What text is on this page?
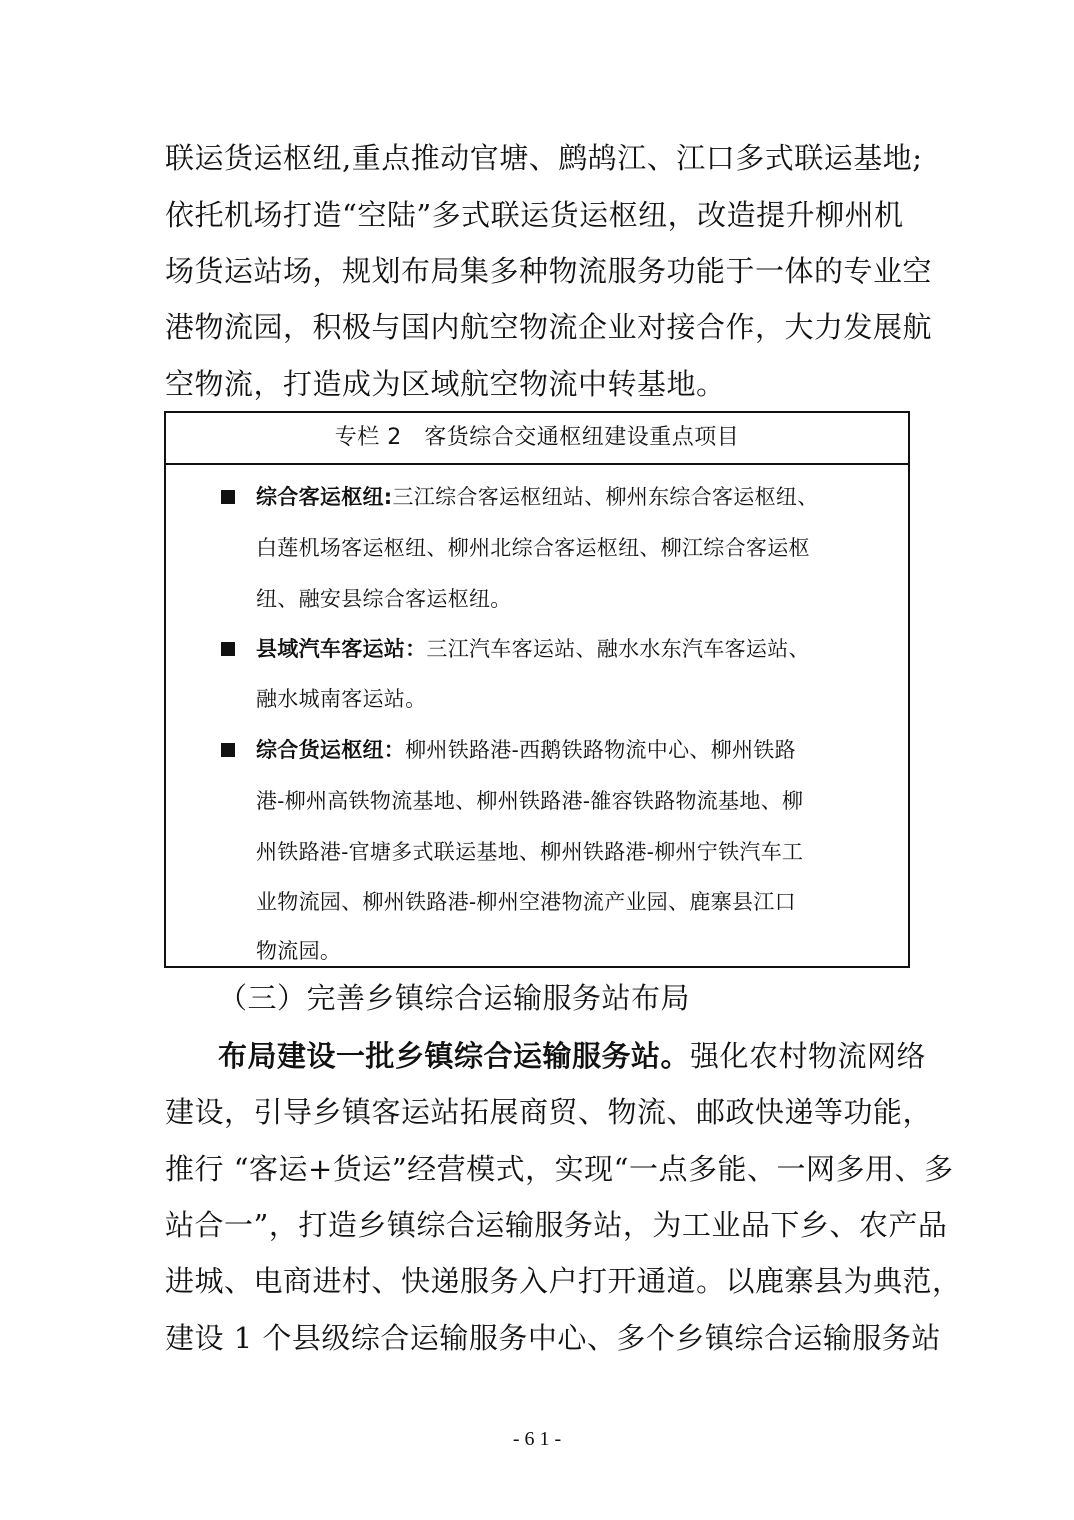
联运货运枢纽,重点推动官塘、鹧鸪江、江口多式联运基地;
依托机场打造“空陆”多式联运货运枢纽，改造提升柳州机
场货运站场，规划布局集多种物流服务功能于一体的专业空
港物流园，积极与国内航空物流企业对接合作，大力发展航
空物流，打造成为区域航空物流中转基地。
专栏 2　客货综合交通枢纽建设重点项目
综合客运枢纽:三江综合客运枢纽站、柳州东综合客运枢纽、
白莲机场客运枢纽、柳州北综合客运枢纽、柳江综合客运枢
纽、融安县综合客运枢纽。
县域汽车客运站：三江汽车客运站、融水水东汽车客运站、
融水城南客运站。
综合货运枢纽：柳州铁路港-西鹅铁路物流中心、柳州铁路
港-柳州高铁物流基地、柳州铁路港-雒容铁路物流基地、柳
州铁路港-官塘多式联运基地、柳州铁路港-柳州宁铁汽车工
业物流园、柳州铁路港-柳州空港物流产业园、鹿寨县江口
物流园。
（三）完善乡镇综合运输服务站布局
布局建设一批乡镇综合运输服务站。强化农村物流网络
建设，引导乡镇客运站拓展商贸、物流、邮政快递等功能，
推行 “客运+货运”经营模式，实现“一点多能、一网多用、多
站合一”，打造乡镇综合运输服务站，为工业品下乡、农产品
进城、电商进村、快递服务入户打开通道。以鹿寨县为典范，
建设 1 个县级综合运输服务中心、多个乡镇综合运输服务站
- 6 1 -
